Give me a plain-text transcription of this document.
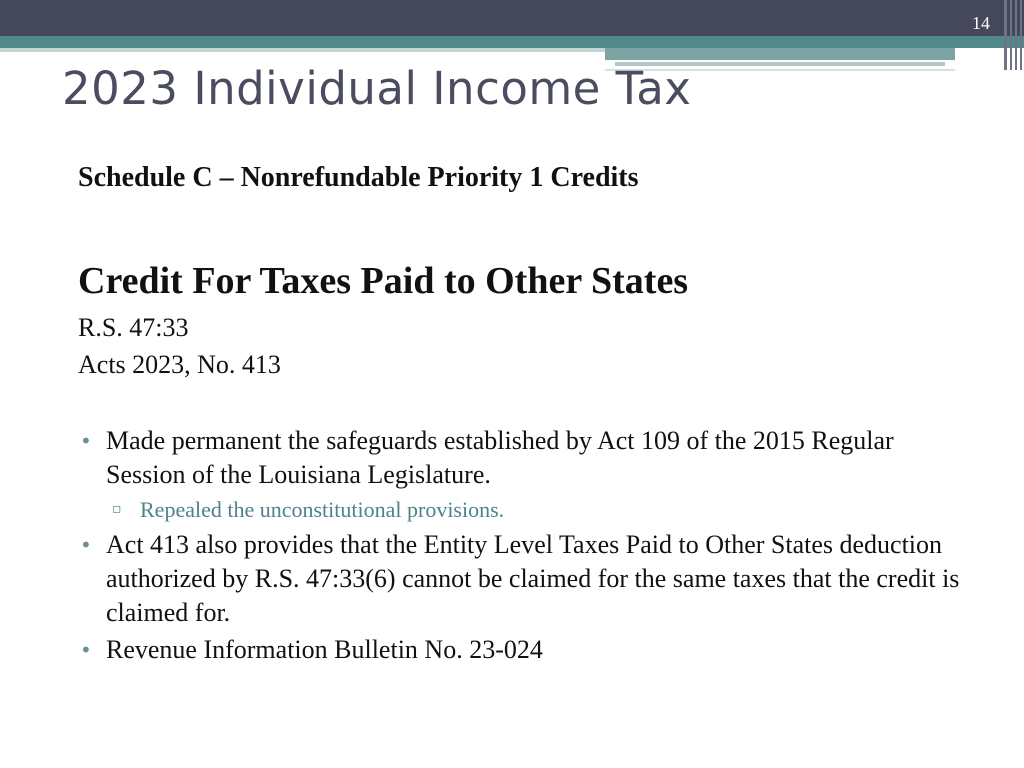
14
2023 Individual Income Tax
Schedule C – Nonrefundable Priority 1 Credits
Credit For Taxes Paid to Other States
R.S. 47:33
Acts 2023, No. 413
• Made permanent the safeguards established by Act 109 of the 2015 Regular Session of the Louisiana Legislature.
▫ Repealed the unconstitutional provisions.
• Act 413 also provides that the Entity Level Taxes Paid to Other States deduction authorized by R.S. 47:33(6) cannot be claimed for the same taxes that the credit is claimed for.
• Revenue Information Bulletin No. 23-024
